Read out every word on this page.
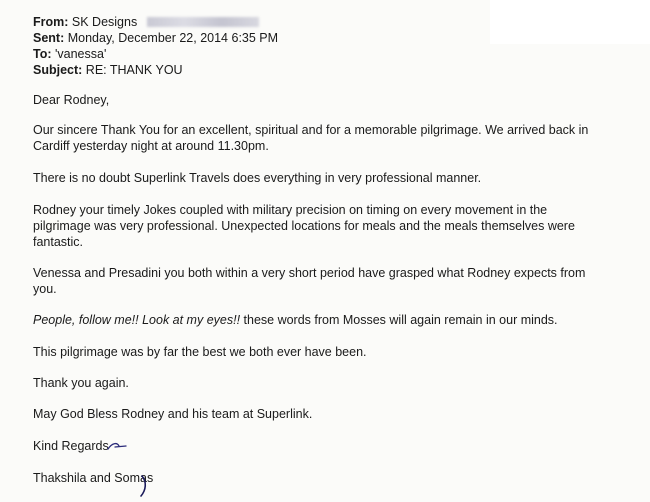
From: SK Designs
Sent: Monday, December 22, 2014 6:35 PM
To: 'vanessa'
Subject: RE: THANK YOU
Dear Rodney,
Our sincere Thank You for an excellent, spiritual and for a memorable pilgrimage. We arrived back in
Cardiff yesterday night at around 11.30pm.
There is no doubt Superlink Travels does everything in very professional manner.
Rodney your timely Jokes coupled with military precision on timing on every movement in the
pilgrimage was very professional. Unexpected locations for meals and the meals themselves were
fantastic.
Venessa and Presadini you both within a very short period have grasped what Rodney expects from
you.
People, follow me!! Look at my eyes!! these words from Mosses will again remain in our minds.
This pilgrimage was by far the best we both ever have been.
Thank you again.
May God Bless Rodney and his team at Superlink.
Kind Regards
Thakshila and Somas
